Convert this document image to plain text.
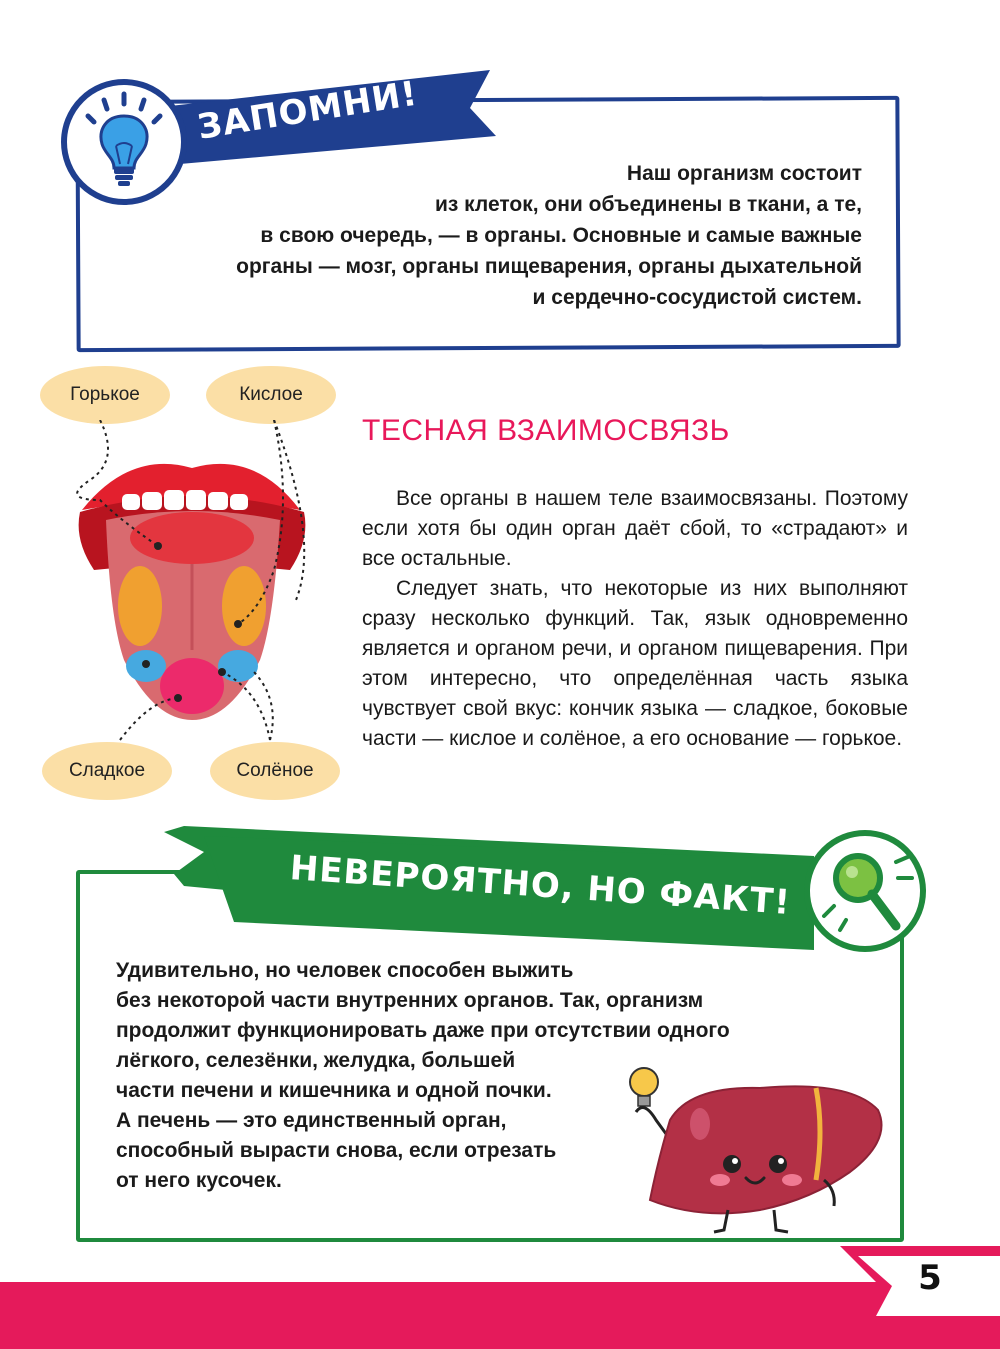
ЗАПОМНИ!
Наш организм состоит
из клеток, они объединены в ткани, а те,
в свою очередь, — в органы. Основные и самые важные
органы — мозг, органы пищеварения, органы дыхательной
и сердечно-сосудистой систем.
Горькое	Кислое
Сладкое	Солёное
ТЕСНАЯ ВЗАИМОСВЯЗЬ

Все органы в нашем теле взаимосвязаны. Поэтому если хотя бы один орган даёт сбой, то «страдают» и все остальные.

Следует знать, что некоторые из них выполняют сразу несколько функций. Так, язык одновременно является и органом речи, и органом пищеварения. При этом интересно, что определённая часть языка чувствует свой вкус: кончик языка — сладкое, боковые части — кислое и солёное, а его основание — горькое.

НЕВЕРОЯТНО, НО ФАКТ!
Удивительно, но человек способен выжить
без некоторой части внутренних органов. Так, организм
продолжит функционировать даже при отсутствии одного
лёгкого, селезёнки, желудка, большей
части печени и кишечника и одной почки.
А печень — это единственный орган,
способный вырасти снова, если отрезать
от него кусочек.
5
